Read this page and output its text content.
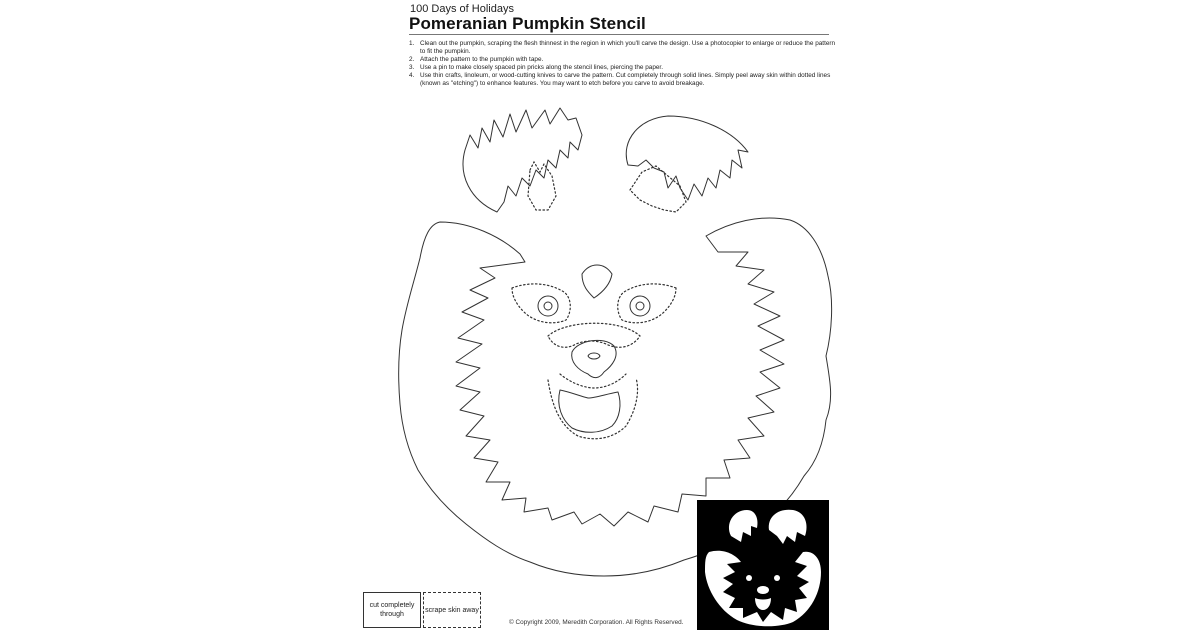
100 Days of Holidays
Pomeranian Pumpkin Stencil
1. Clean out the pumpkin, scraping the flesh thinnest in the region in which you'll carve the design. Use a photocopier to enlarge or reduce the pattern to fit the pumpkin.
2. Attach the pattern to the pumpkin with tape.
3. Use a pin to make closely spaced pin pricks along the stencil lines, piercing the paper.
4. Use thin crafts, linoleum, or wood-cutting knives to carve the pattern. Cut completely through solid lines. Simply peel away skin within dotted lines (known as "etching") to enhance features. You may want to etch before you carve to avoid breakage.
cut completely through
scrape skin away
© Copyright 2009, Meredith Corporation. All Rights Reserved.
